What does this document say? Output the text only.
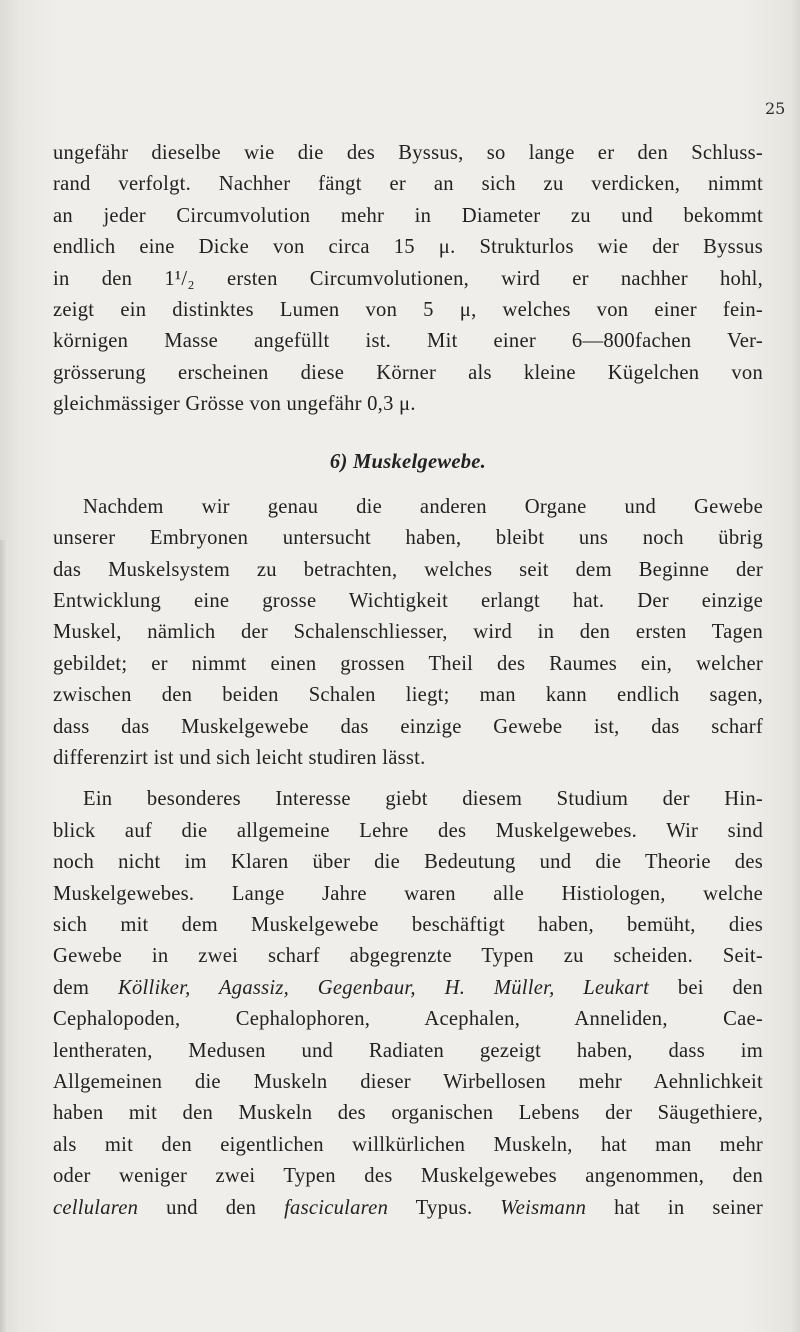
25
ungefähr dieselbe wie die des Byssus, so lange er den Schluss-
rand verfolgt. Nachher fängt er an sich zu verdicken, nimmt
an jeder Circumvolution mehr in Diameter zu und bekommt
endlich eine Dicke von circa 15 μ. Strukturlos wie der Byssus
in den 1¹/₂ ersten Circumvolutionen, wird er nachher hohl,
zeigt ein distinktes Lumen von 5 μ, welches von einer fein-
körnigen Masse angefüllt ist. Mit einer 6—800fachen Ver-
grösserung erscheinen diese Körner als kleine Kügelchen von
gleichmässiger Grösse von ungefähr 0,3 μ.
6) Muskelgewebe.
Nachdem wir genau die anderen Organe und Gewebe
unserer Embryonen untersucht haben, bleibt uns noch übrig
das Muskelsystem zu betrachten, welches seit dem Beginne der
Entwicklung eine grosse Wichtigkeit erlangt hat. Der einzige
Muskel, nämlich der Schalenschliesser, wird in den ersten Tagen
gebildet; er nimmt einen grossen Theil des Raumes ein, welcher
zwischen den beiden Schalen liegt; man kann endlich sagen,
dass das Muskelgewebe das einzige Gewebe ist, das scharf
differenzirt ist und sich leicht studiren lässt.
Ein besonderes Interesse giebt diesem Studium der Hin-
blick auf die allgemeine Lehre des Muskelgewebes. Wir sind
noch nicht im Klaren über die Bedeutung und die Theorie des
Muskelgewebes. Lange Jahre waren alle Histiologen, welche
sich mit dem Muskelgewebe beschäftigt haben, bemüht, dies
Gewebe in zwei scharf abgegrenzte Typen zu scheiden. Seit-
dem Kölliker, Agassiz, Gegenbaur, H. Müller, Leukart bei den
Cephalopoden, Cephalophoren, Acephalen, Anneliden, Cae-
lentheraten, Medusen und Radiaten gezeigt haben, dass im
Allgemeinen die Muskeln dieser Wirbellosen mehr Aehnlichkeit
haben mit den Muskeln des organischen Lebens der Säugethiere,
als mit den eigentlichen willkürlichen Muskeln, hat man mehr
oder weniger zwei Typen des Muskelgewebes angenommen, den
cellularen und den fascicularen Typus. Weismann hat in seiner
